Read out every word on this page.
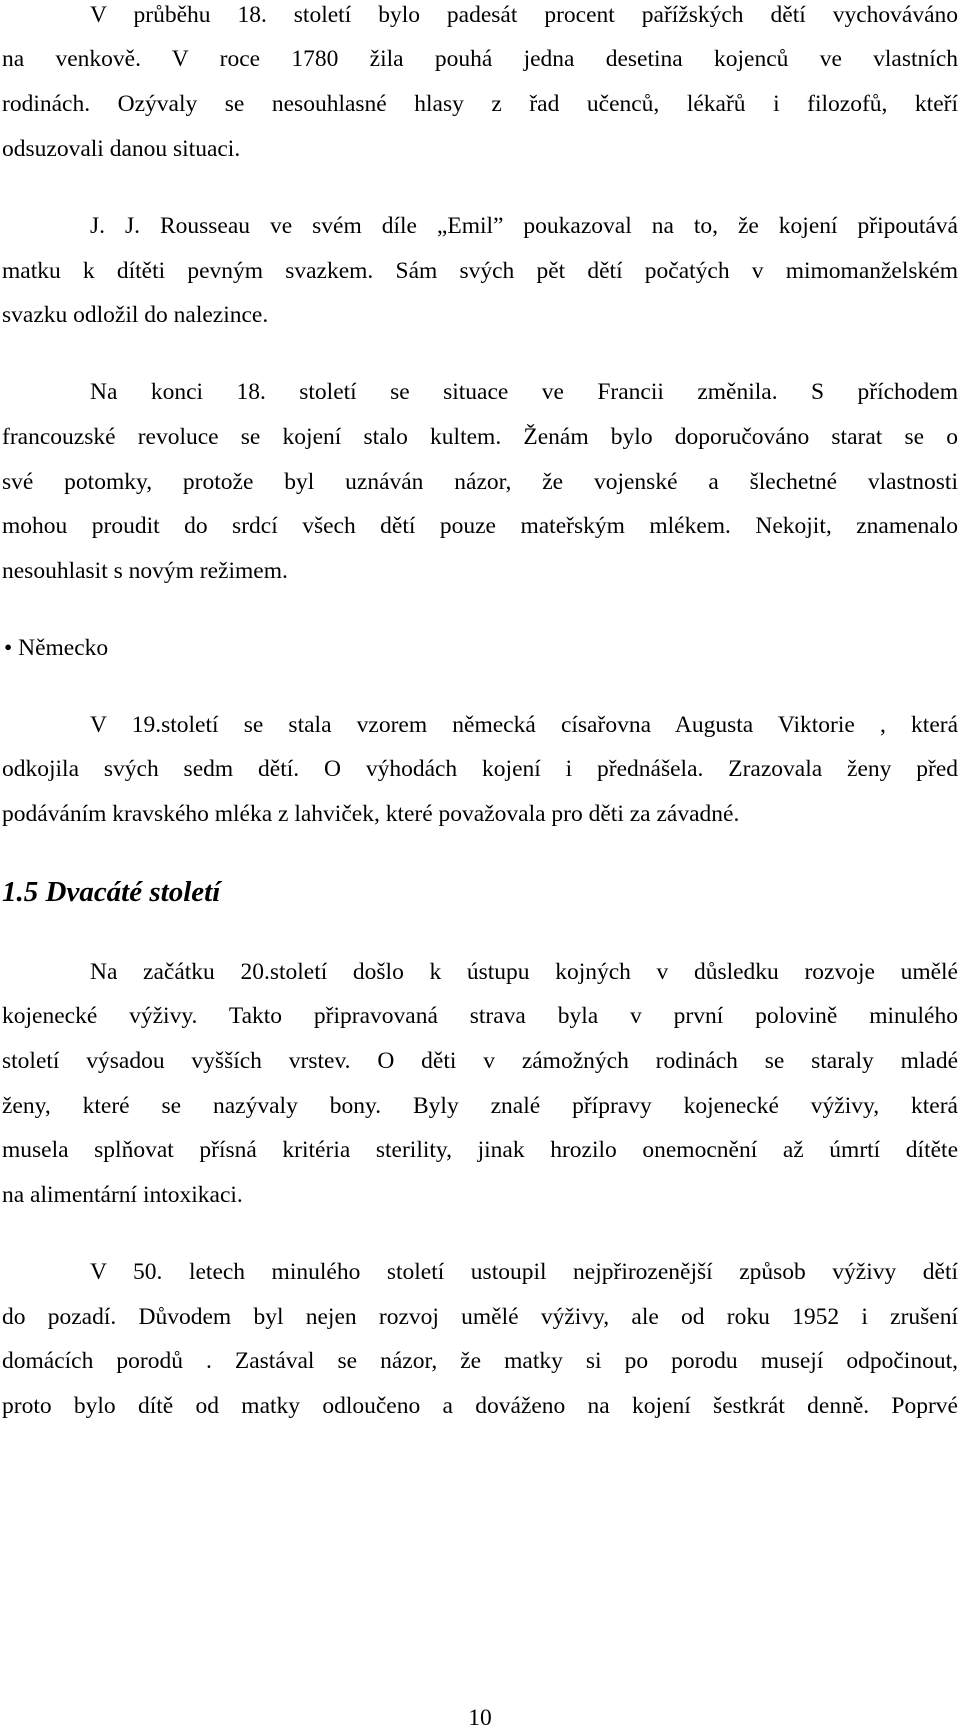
V průběhu 18. století bylo padesát procent pařížských dětí vychováváno
na venkově. V roce 1780 žila pouhá jedna desetina kojenců ve vlastních
rodinách. Ozývaly se nesouhlasné hlasy z řad učenců, lékařů i filozofů, kteří
odsuzovali danou situaci.
J. J. Rousseau ve svém díle „Emil” poukazoval na to, že kojení připoutává
matku k dítěti pevným svazkem. Sám svých pět dětí počatých v mimomanželském
svazku odložil do nalezince.
Na konci 18. století se situace ve Francii změnila. S příchodem
francouzské revoluce se kojení stalo kultem. Ženám bylo doporučováno starat se o
své potomky, protože byl uznáván názor, že vojenské a šlechetné vlastnosti
mohou proudit do srdcí všech dětí pouze mateřským mlékem. Nekojit, znamenalo
nesouhlasit s novým režimem.
• Německo
V 19.století se stala vzorem německá císařovna Augusta Viktorie , která
odkojila svých sedm dětí. O výhodách kojení i přednášela. Zrazovala ženy před
podáváním kravského mléka z lahviček, které považovala pro děti za závadné.
1.5 Dvacáté století
Na začátku 20.století došlo k ústupu kojných v důsledku rozvoje umělé
kojenecké výživy. Takto připravovaná strava byla v první polovině minulého
století výsadou vyšších vrstev. O děti v zámožných rodinách se staraly mladé
ženy, které se nazývaly bony. Byly znalé přípravy kojenecké výživy, která
musela splňovat přísná kritéria sterility, jinak hrozilo onemocnění až úmrtí dítěte
na alimentární intoxikaci.
V 50. letech minulého století ustoupil nejpřirozenější způsob výživy dětí
do pozadí. Důvodem byl nejen rozvoj umělé výživy, ale od roku 1952 i zrušení
domácích porodů . Zastával se názor, že matky si po porodu musejí odpočinout,
proto bylo dítě od matky odloučeno a dováženo na kojení šestkrát denně. Poprvé
10
